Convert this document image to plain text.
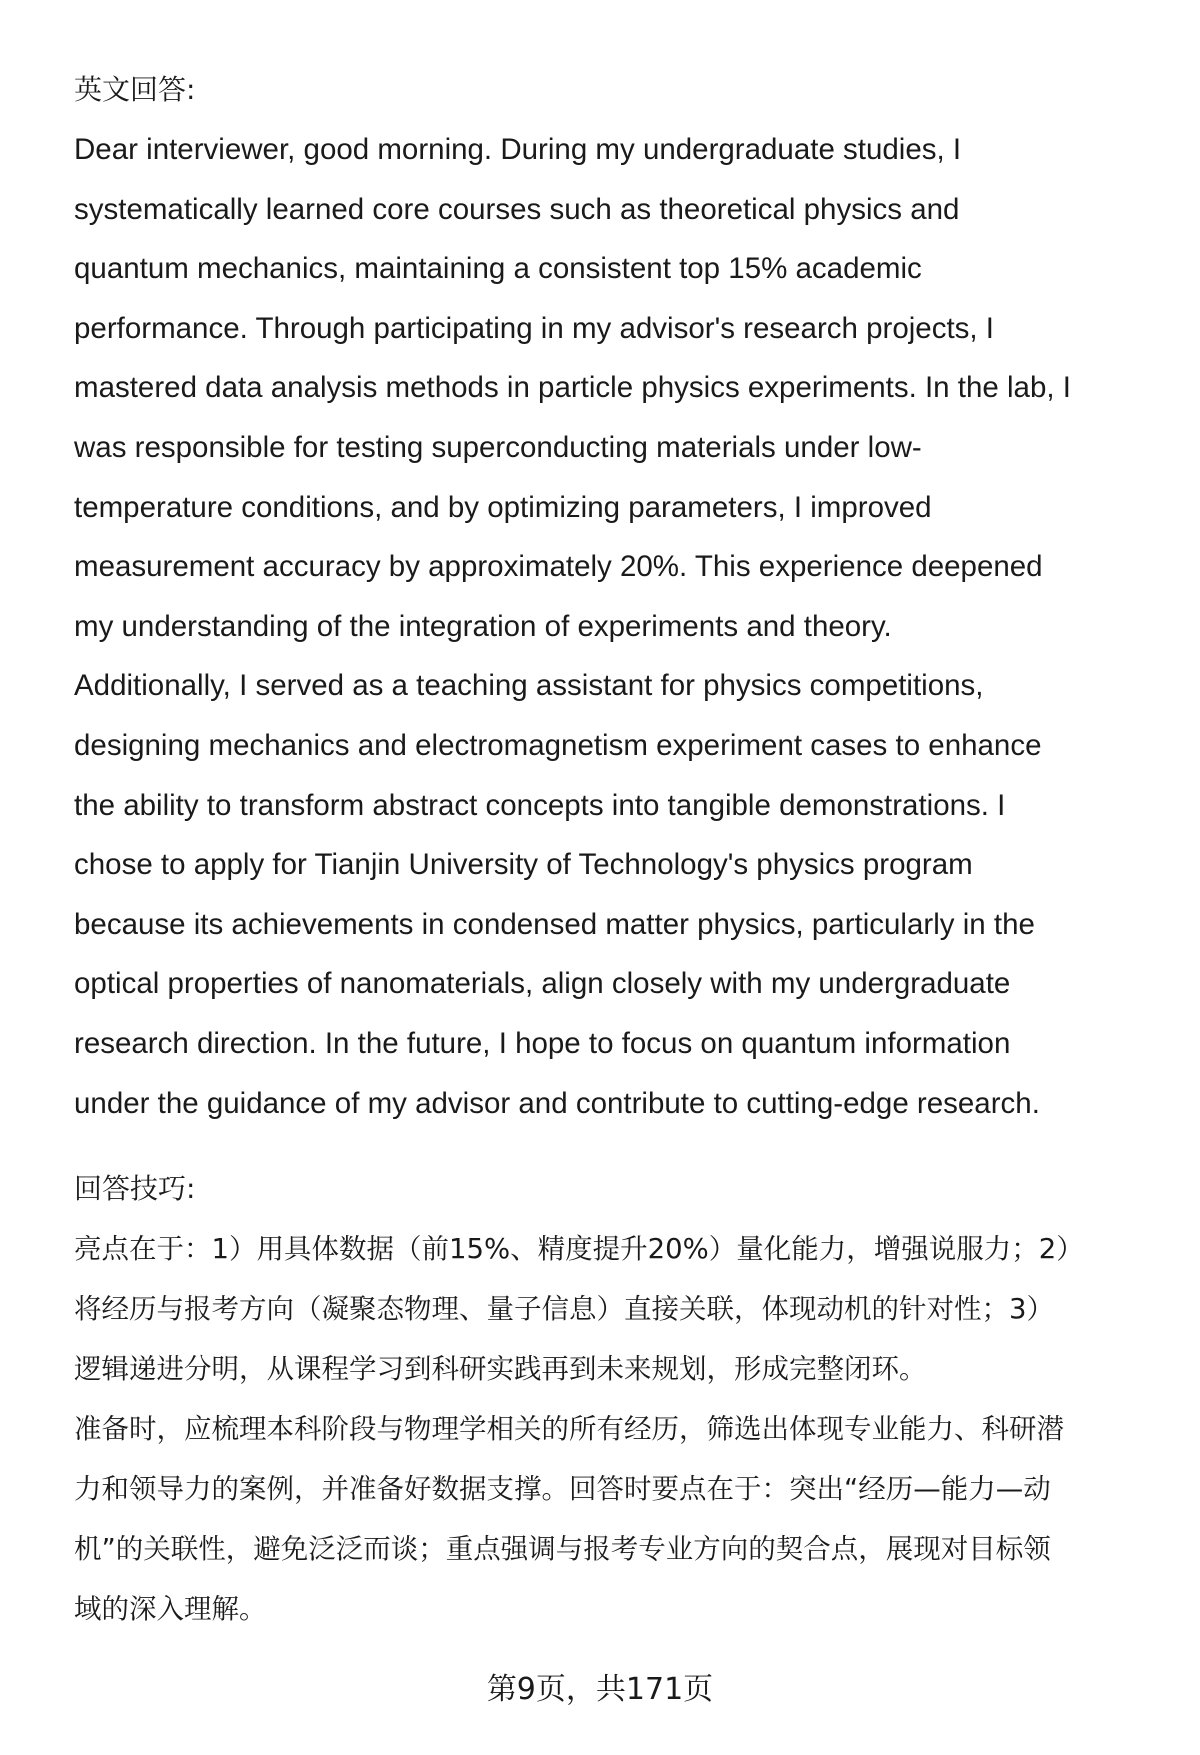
英文回答:

Dear interviewer, good morning. During my undergraduate studies, I
systematically learned core courses such as theoretical physics and
quantum mechanics, maintaining a consistent top 15% academic
performance. Through participating in my advisor's research projects, I
mastered data analysis methods in particle physics experiments. In the lab, I
was responsible for testing superconducting materials under low-
temperature conditions, and by optimizing parameters, I improved
measurement accuracy by approximately 20%. This experience deepened
my understanding of the integration of experiments and theory.
Additionally, I served as a teaching assistant for physics competitions,
designing mechanics and electromagnetism experiment cases to enhance
the ability to transform abstract concepts into tangible demonstrations. I
chose to apply for Tianjin University of Technology's physics program
because its achievements in condensed matter physics, particularly in the
optical properties of nanomaterials, align closely with my undergraduate
research direction. In the future, I hope to focus on quantum information
under the guidance of my advisor and contribute to cutting-edge research.

回答技巧:

亮点在于：1）用具体数据（前15%、精度提升20%）量化能力，增强说服力；2）
将经历与报考方向（凝聚态物理、量子信息）直接关联，体现动机的针对性；3）
逻辑递进分明，从课程学习到科研实践再到未来规划，形成完整闭环。

准备时，应梳理本科阶段与物理学相关的所有经历，筛选出体现专业能力、科研潜
力和领导力的案例，并准备好数据支撑。回答时要点在于：突出“经历—能力—动
机”的关联性，避免泛泛而谈；重点强调与报考专业方向的契合点，展现对目标领
域的深入理解。

第9页，共171页
